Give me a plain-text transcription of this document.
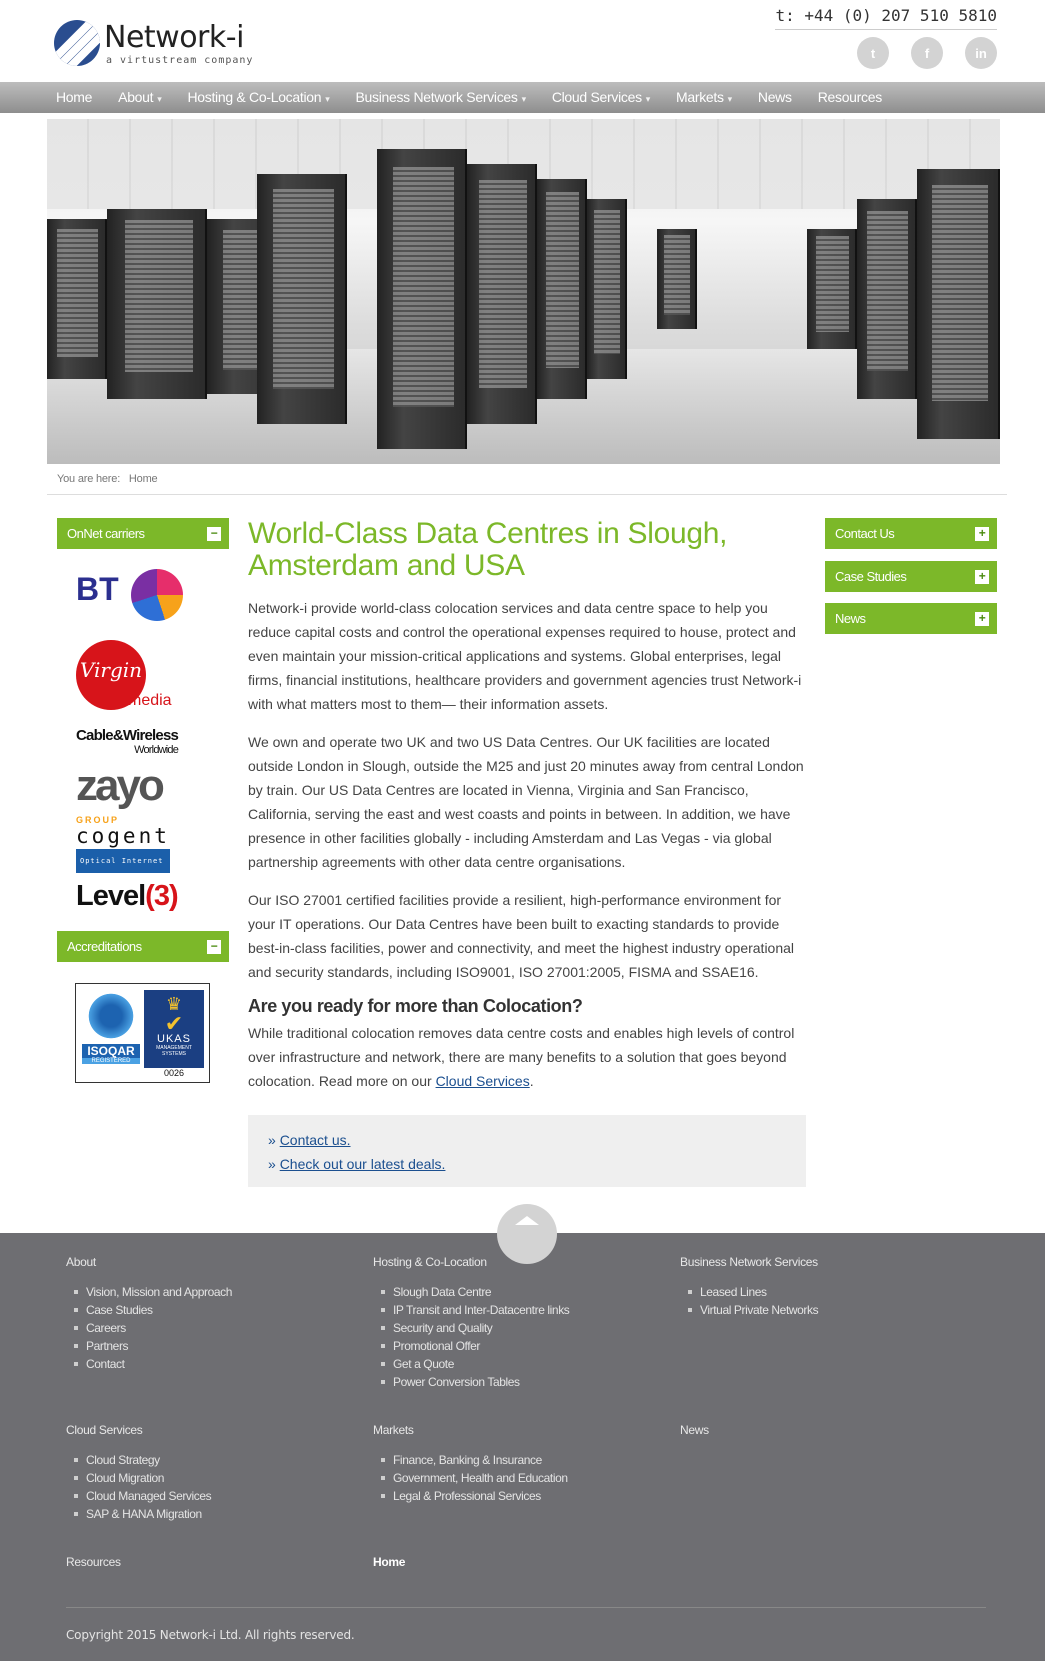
Network-i
a virtustream company
t: +44 (0) 207 510 5810
t	f	in
Home About ▾ Hosting & Co-Location ▾ Business Network Services ▾ Cloud Services ▾ Markets ▾ News Resources
You are here: Home
OnNet carriers	−
BT
Virgin
media
Cable&Wireless
Worldwide
zayo
GROUP
cogent
Optical Internet
Level(3)
Accreditations	−
ISOQAR
REGISTERED
♛
✔
UKAS
MANAGEMENT SYSTEMS
0026
World-Class Data Centres in Slough, Amsterdam and USA

Network-i provide world-class colocation services and data centre space to help you reduce capital costs and control the operational expenses required to house, protect and even maintain your mission-critical applications and systems. Global enterprises, legal firms, financial institutions, healthcare providers and government agencies trust Network-i with what matters most to them— their information assets.

We own and operate two UK and two US Data Centres. Our UK facilities are located outside London in Slough, outside the M25 and just 20 minutes away from central London by train. Our US Data Centres are located in Vienna, Virginia and San Francisco, California, serving the east and west coasts and points in between. In addition, we have presence in other facilities globally - including Amsterdam and Las Vegas - via global partnership agreements with other data centre organisations.

Our ISO 27001 certified facilities provide a resilient, high-performance environment for your IT operations. Our Data Centres have been built to exacting standards to provide best-in-class facilities, power and connectivity, and meet the highest industry operational and security standards, including ISO9001, ISO 27001:2005, FISMA and SSAE16.

Are you ready for more than Colocation?

While traditional colocation removes data centre costs and enables high levels of control over infrastructure and network, there are many benefits to a solution that goes beyond colocation. Read more on our Cloud Services.

» Contact us.
» Check out our latest deals.
Contact Us	+
Case Studies	+
News	+
About
Vision, Mission and Approach
Case Studies
Careers
Partners
Contact
Hosting & Co-Location
Slough Data Centre
IP Transit and Inter-Datacentre links
Security and Quality
Promotional Offer
Get a Quote
Power Conversion Tables
Business Network Services
Leased Lines
Virtual Private Networks
Cloud Services
Cloud Strategy
Cloud Migration
Cloud Managed Services
SAP & HANA Migration
Markets
Finance, Banking & Insurance
Government, Health and Education
Legal & Professional Services
News
Resources	Home
Copyright 2015 Network-i Ltd. All rights reserved.
